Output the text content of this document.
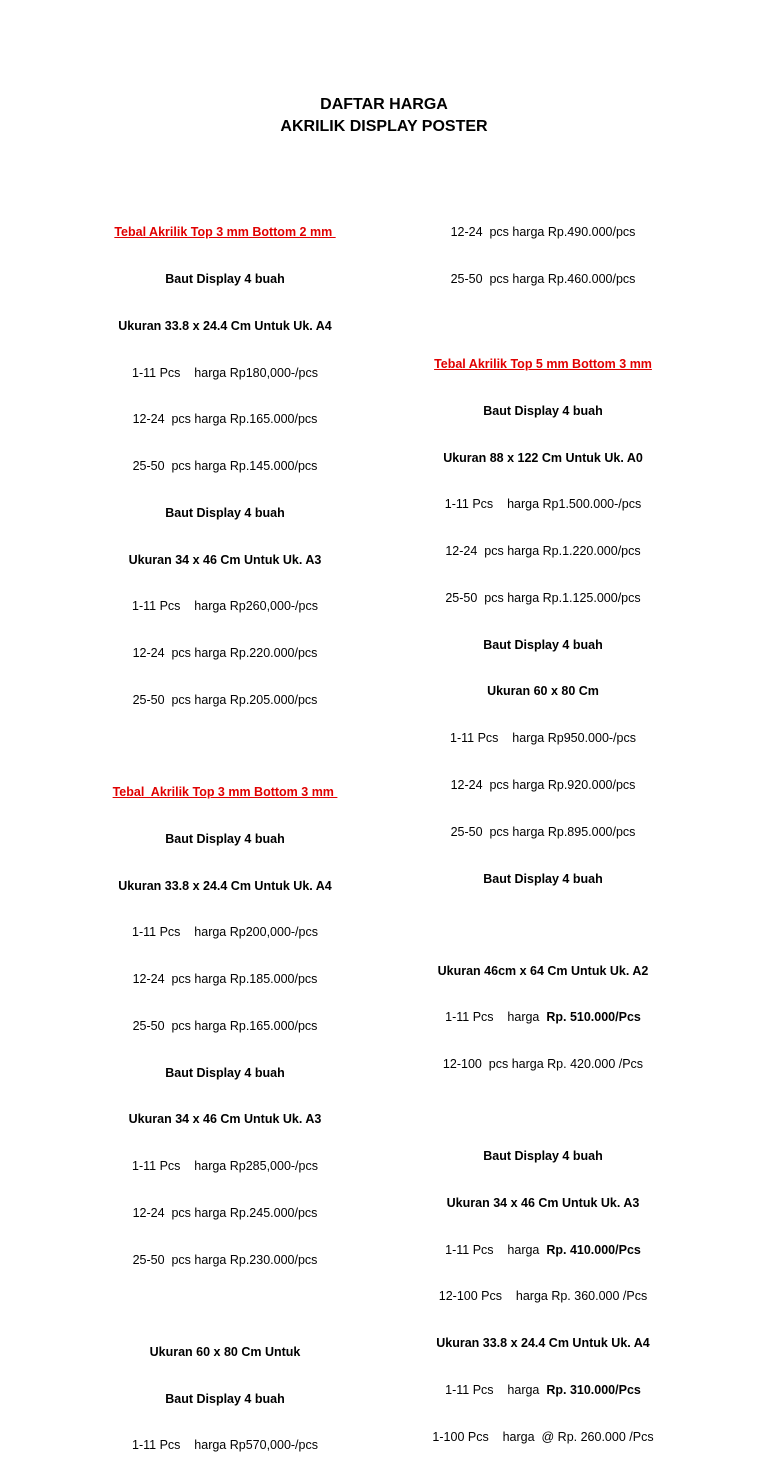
DAFTAR HARGA
AKRILIK DISPLAY POSTER

Tebal Akrilik Top 3 mm Bottom 2 mm

Baut Display 4 buah

Ukuran 33.8 x 24.4 Cm Untuk Uk. A4

1-11 Pcs    harga Rp180,000-/pcs

12-24  pcs harga Rp.165.000/pcs

25-50  pcs harga Rp.145.000/pcs

Baut Display 4 buah

Ukuran 34 x 46 Cm Untuk Uk. A3

1-11 Pcs    harga Rp260,000-/pcs

12-24  pcs harga Rp.220.000/pcs

25-50  pcs harga Rp.205.000/pcs

Tebal  Akrilik Top 3 mm Bottom 3 mm

Baut Display 4 buah

Ukuran 33.8 x 24.4 Cm Untuk Uk. A4

1-11 Pcs    harga Rp200,000-/pcs

12-24  pcs harga Rp.185.000/pcs

25-50  pcs harga Rp.165.000/pcs

Baut Display 4 buah

Ukuran 34 x 46 Cm Untuk Uk. A3

1-11 Pcs    harga Rp285,000-/pcs

12-24  pcs harga Rp.245.000/pcs

25-50  pcs harga Rp.230.000/pcs

Ukuran 60 x 80 Cm Untuk

Baut Display 4 buah

1-11 Pcs    harga Rp570,000-/pcs

12-24  pcs harga Rp.490.000/pcs

25-50  pcs harga Rp.460.000/pcs

Tebal Akrilik Top 5 mm Bottom 3 mm

Baut Display 4 buah

Ukuran 88 x 122 Cm Untuk Uk. A0

1-11 Pcs    harga Rp1.500.000-/pcs

12-24  pcs harga Rp.1.220.000/pcs

25-50  pcs harga Rp.1.125.000/pcs

Baut Display 4 buah

Ukuran 60 x 80 Cm

1-11 Pcs    harga Rp950.000-/pcs

12-24  pcs harga Rp.920.000/pcs

25-50  pcs harga Rp.895.000/pcs

Baut Display 4 buah

Ukuran 46cm x 64 Cm Untuk Uk. A2

1-11 Pcs    harga  Rp. 510.000/Pcs

12-100  pcs harga Rp. 420.000 /Pcs

Baut Display 4 buah

Ukuran 34 x 46 Cm Untuk Uk. A3

1-11 Pcs    harga  Rp. 410.000/Pcs

12-100 Pcs    harga Rp. 360.000 /Pcs

Ukuran 33.8 x 24.4 Cm Untuk Uk. A4

1-11 Pcs    harga  Rp. 310.000/Pcs

1-100 Pcs    harga  @ Rp. 260.000 /Pcs
